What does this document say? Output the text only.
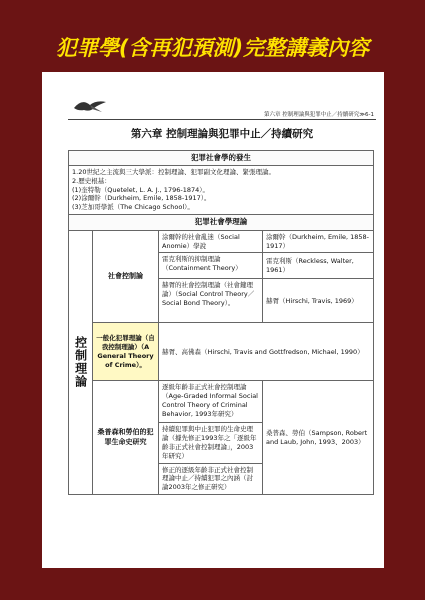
犯罪學(含再犯預測)完整講義內容
第六章 控制理論與犯罪中止／持續研究≫6-1
第六章 控制理論與犯罪中止／持續研究
犯罪社會學的發生			

1.20世紀之主流與三大學派：控制理論、犯罪副文化理論、緊張理論。
2.歷史根基：
(1)奎特勒（Quetelet, L. A. J., 1796-1874）。
(2)涂爾幹（Durkheim, Emile, 1858-1917）。
(3)芝加哥學派（The Chicago School）。			

犯罪社會學理論			

控制理論	社會控制論	涂爾幹的社會亂迷（Social Anomie）學說	涂爾幹（Durkheim, Emile, 1858-1917）
		雷克利斯的抑制理論（Containment Theory）	雷克利斯（Reckless, Walter, 1961）
		赫胥的社會控制理論（社會鍵理論）（Social Control Theory／Social Bond Theory）。	赫胥（Hirschi, Travis, 1969）
	一般化犯罪理論（自我控制理論）（A General Theory of Crime）。	赫胥、高佛森（Hirschi, Travis and Gottfredson, Michael, 1990）	
	桑普森和勞伯的犯罪生命史研究	逐級年齡非正式社會控制理論（Age-Graded Informal Social Control Theory of Criminal Behavior, 1993年研究）	桑普森、勞伯（Sampson, Robert and Laub, John, 1993、2003）
		持續犯罪與中止犯罪的生命史理論（據先修正1993年之「逐級年齡非正式社會控制理論」，2003年研究）	
		修正的逐級年齡非正式社會控制理論中止／持續犯罪之內涵（討論2003年之修正研究）	
